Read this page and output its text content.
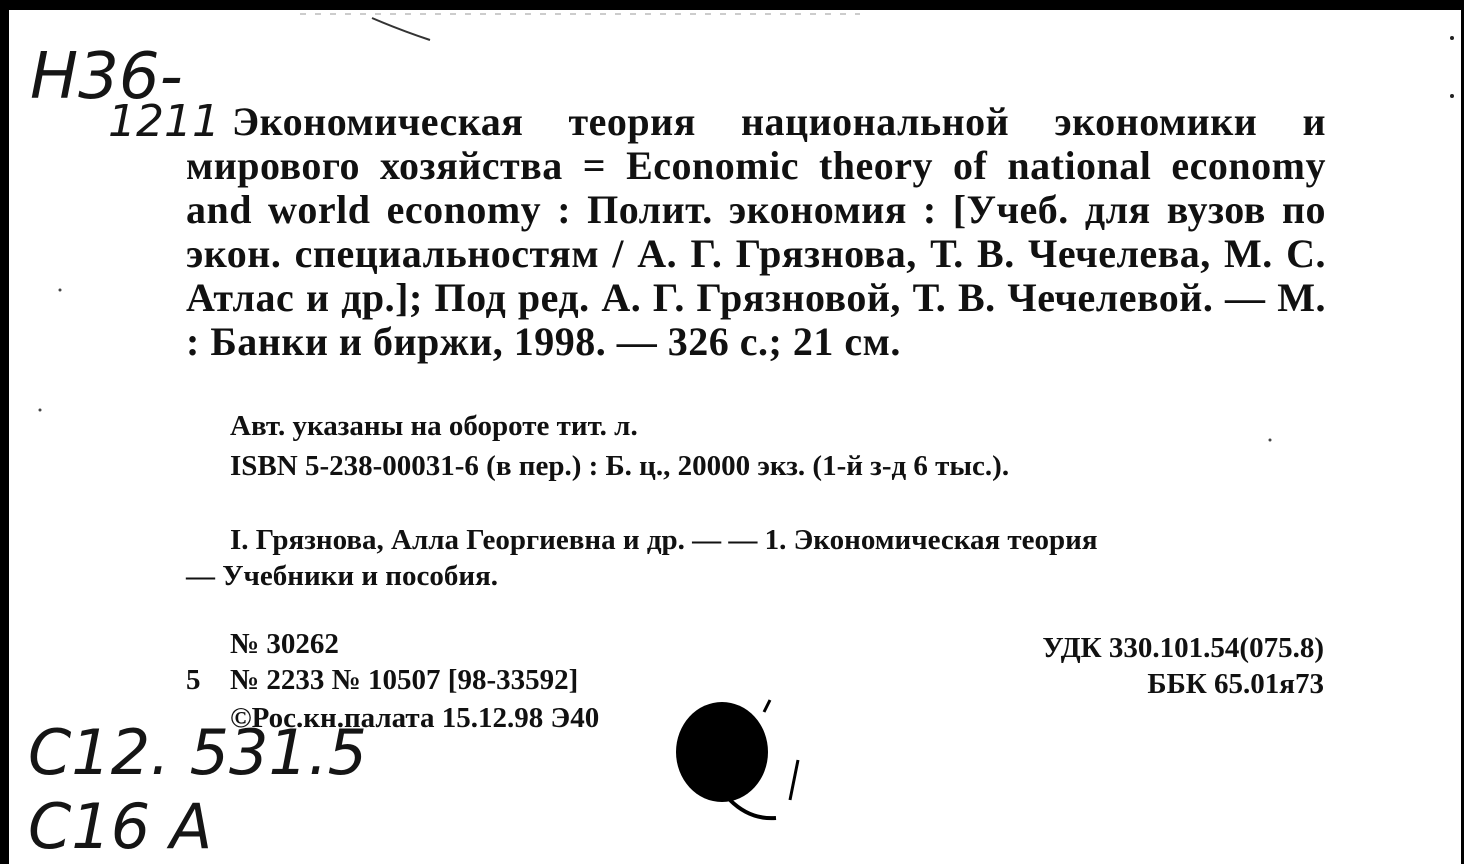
Н36-
1211
С12. 531.5
С16 А
Экономическая теория национальной экономики и мирового хозяйства = Economic theory of national economy and world economy : Полит. экономия : [Учеб. для вузов по экон. специальностям / А. Г. Грязнова, Т. В. Чечелева, М. С. Атлас и др.]; Под ред. А. Г. Грязновой, Т. В. Чечелевой. — М. : Банки и биржи, 1998. — 326 с.; 21 см.
Авт. указаны на обороте тит. л.
ISBN 5-238-00031-6 (в пер.) : Б. ц., 20000 экз. (1-й з-д 6 тыс.).
I. Грязнова, Алла Георгиевна и др. — — 1. Экономическая теория
— Учебники и пособия.
№ 30262
5 № 2233 № 10507 [98-33592]
©Рос.кн.палата 15.12.98 Э40
УДК 330.101.54(075.8)
ББК 65.01я73
